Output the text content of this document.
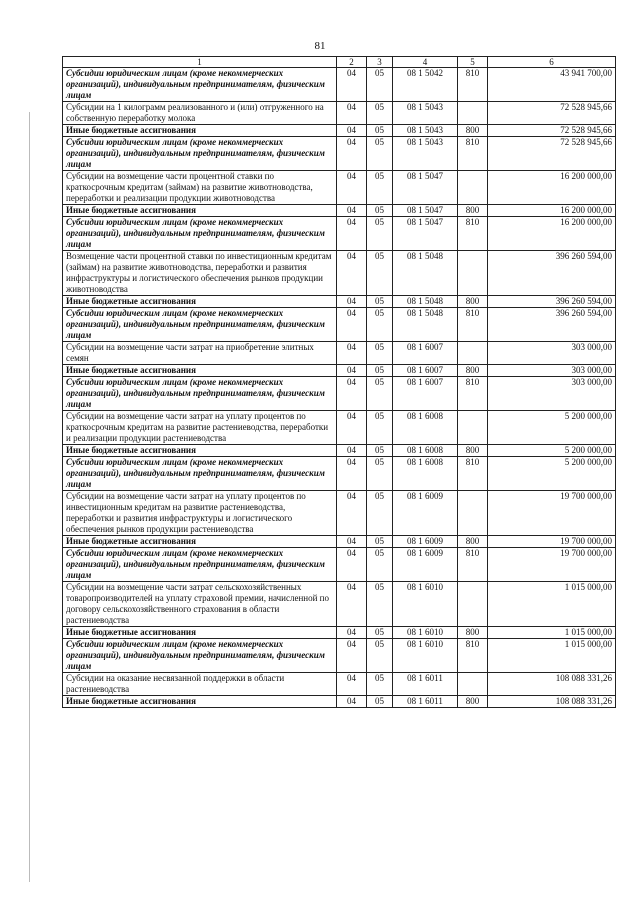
81
1	2	3	4	5	6
Субсидии юридическим лицам (кроме некоммерческих организаций), индивидуальным предпринимателям, физическим лицам	04	05	08 1 5042	810	43 941 700,00
Субсидии на 1 килограмм реализованного и (или) отгруженного на собственную переработку молока	04	05	08 1 5043		72 528 945,66
Иные бюджетные ассигнования	04	05	08 1 5043	800	72 528 945,66
Субсидии юридическим лицам (кроме некоммерческих организаций), индивидуальным предпринимателям, физическим лицам	04	05	08 1 5043	810	72 528 945,66
Субсидии на возмещение части процентной ставки по краткосрочным кредитам (займам) на развитие животноводства, переработки и реализации продукции животноводства	04	05	08 1 5047		16 200 000,00
Иные бюджетные ассигнования	04	05	08 1 5047	800	16 200 000,00
Субсидии юридическим лицам (кроме некоммерческих организаций), индивидуальным предпринимателям, физическим лицам	04	05	08 1 5047	810	16 200 000,00
Возмещение части процентной ставки по инвестиционным кредитам (займам) на развитие животноводства, переработки и развития инфраструктуры и логистического обеспечения рынков продукции животноводства	04	05	08 1 5048		396 260 594,00
Иные бюджетные ассигнования	04	05	08 1 5048	800	396 260 594,00
Субсидии юридическим лицам (кроме некоммерческих организаций), индивидуальным предпринимателям, физическим лицам	04	05	08 1 5048	810	396 260 594,00
Субсидии на возмещение части затрат на приобретение элитных семян	04	05	08 1 6007		303 000,00
Иные бюджетные ассигнования	04	05	08 1 6007	800	303 000,00
Субсидии юридическим лицам (кроме некоммерческих организаций), индивидуальным предпринимателям, физическим лицам	04	05	08 1 6007	810	303 000,00
Субсидии на возмещение части затрат на уплату процентов по краткосрочным кредитам на развитие растениеводства, переработки и реализации продукции растениеводства	04	05	08 1 6008		5 200 000,00
Иные бюджетные ассигнования	04	05	08 1 6008	800	5 200 000,00
Субсидии юридическим лицам (кроме некоммерческих организаций), индивидуальным предпринимателям, физическим лицам	04	05	08 1 6008	810	5 200 000,00
Субсидии на возмещение части затрат на уплату процентов по инвестиционным кредитам на развитие растениеводства, переработки и развития инфраструктуры и логистического обеспечения рынков продукции растениеводства	04	05	08 1 6009		19 700 000,00
Иные бюджетные ассигнования	04	05	08 1 6009	800	19 700 000,00
Субсидии юридическим лицам (кроме некоммерческих организаций), индивидуальным предпринимателям, физическим лицам	04	05	08 1 6009	810	19 700 000,00
Субсидии на возмещение части затрат сельскохозяйственных товаропроизводителей на уплату страховой премии, начисленной по договору сельскохозяйственного страхования в области растениеводства	04	05	08 1 6010		1 015 000,00
Иные бюджетные ассигнования	04	05	08 1 6010	800	1 015 000,00
Субсидии юридическим лицам (кроме некоммерческих организаций), индивидуальным предпринимателям, физическим лицам	04	05	08 1 6010	810	1 015 000,00
Субсидии на оказание несвязанной поддержки в области растениеводства	04	05	08 1 6011		108 088 331,26
Иные бюджетные ассигнования	04	05	08 1 6011	800	108 088 331,26
